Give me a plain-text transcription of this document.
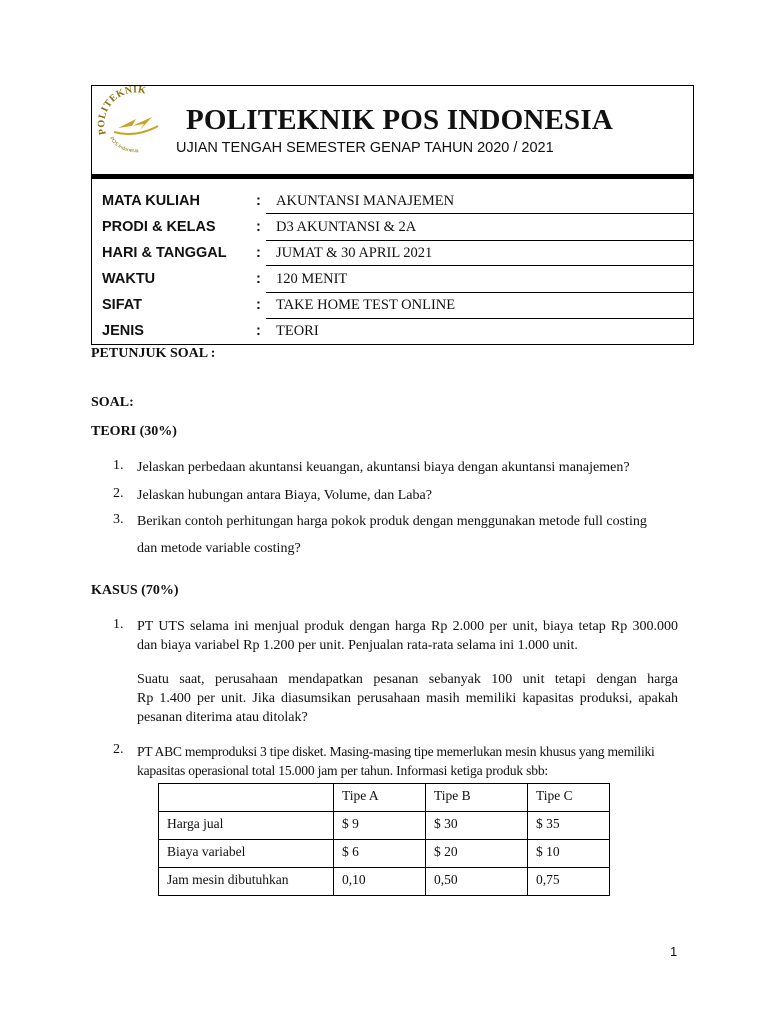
POLITEKNIK
POS Indonesia
POLITEKNIK POS INDONESIA
UJIAN TENGAH SEMESTER GENAP TAHUN 2020 / 2021
MATA KULIAH	: AKUNTANSI MANAJEMEN
PRODI & KELAS	: D3 AKUNTANSI & 2A
HARI & TANGGAL : JUMAT & 30 APRIL 2021
WAKTU	: 120 MENIT
SIFAT	: TAKE HOME TEST ONLINE
JENIS	: TEORI
PETUNJUK SOAL :
SOAL:
TEORI (30%)
1. Jelaskan perbedaan akuntansi keuangan, akuntansi biaya dengan akuntansi manajemen?
2. Jelaskan hubungan antara Biaya, Volume, dan Laba?
3. Berikan contoh perhitungan harga pokok produk dengan menggunakan metode full costing
dan metode variable costing?
KASUS (70%)
1. PT UTS selama ini menjual produk dengan harga Rp 2.000 per unit, biaya tetap Rp 300.000
dan biaya variabel Rp 1.200 per unit. Penjualan rata-rata selama ini 1.000 unit.
Suatu saat, perusahaan mendapatkan pesanan sebanyak 100 unit tetapi dengan harga
Rp 1.400 per unit. Jika diasumsikan perusahaan masih memiliki kapasitas produksi, apakah
pesanan diterima atau ditolak?
2. PT ABC memproduksi 3 tipe disket. Masing-masing tipe memerlukan mesin khusus yang memiliki
kapasitas operasional total 15.000 jam per tahun. Informasi ketiga produk sbb:
	Tipe A	Tipe B	Tipe C
Harga jual	$ 9	$ 30	$ 35
Biaya variabel	$ 6	$ 20	$ 10
Jam mesin dibutuhkan	0,10	0,50	0,75
1
